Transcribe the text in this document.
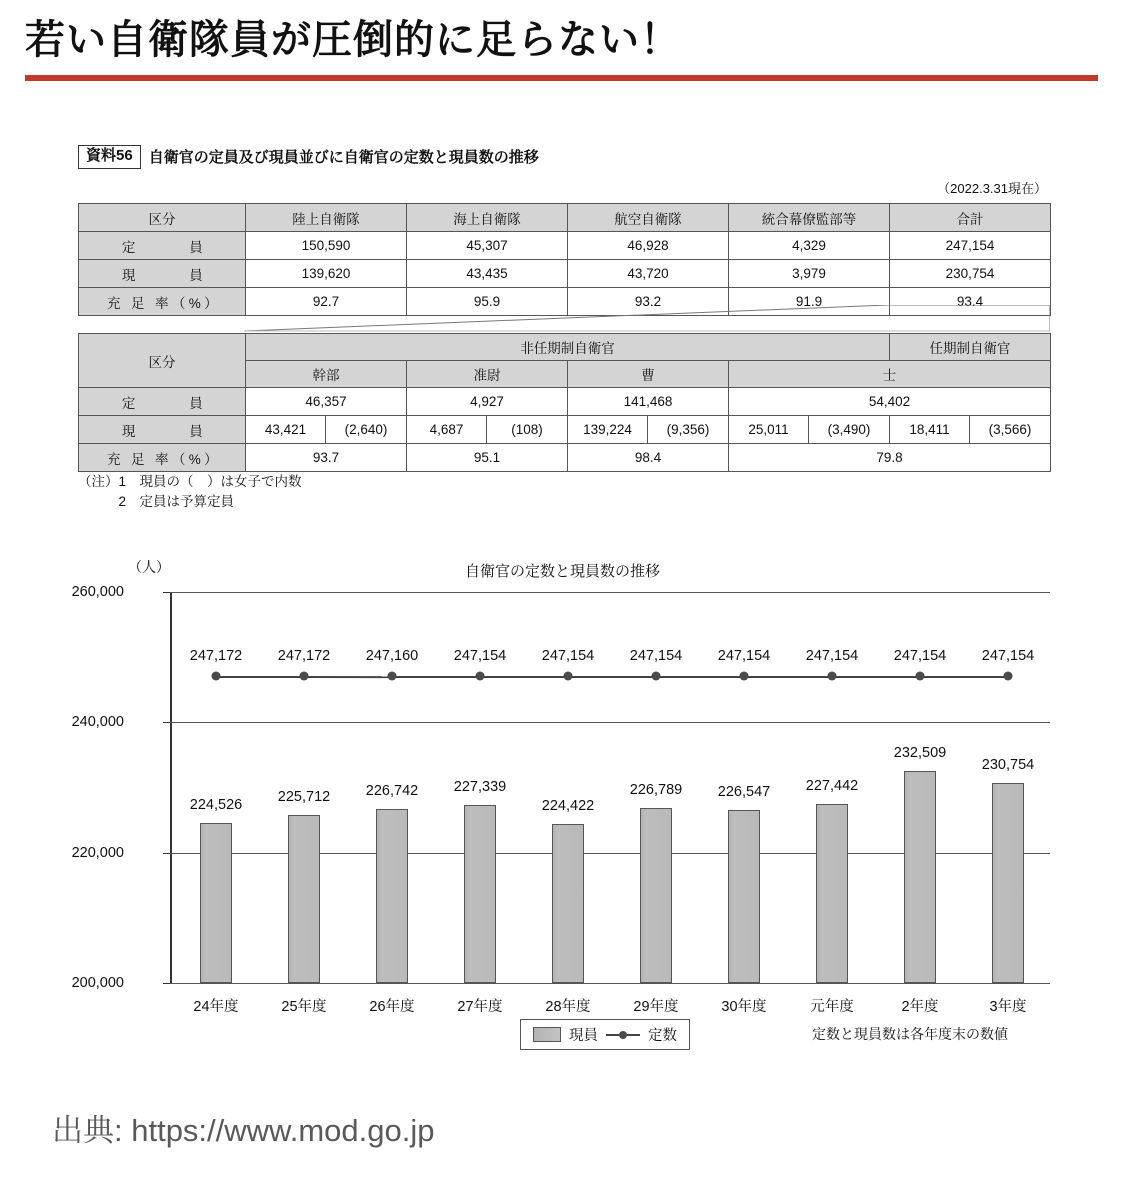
若い自衛隊員が圧倒的に足らない！
資料56	自衛官の定員及び現員並びに自衛官の定数と現員数の推移
（2022.3.31現在）
区分	陸上自衛隊	海上自衛隊	航空自衛隊	統合幕僚監部等	合計
定　　　員	150,590	45,307	46,928	4,329	247,154
現　　　員	139,620	43,435	43,720	3,979	230,754
充 足 率（%）	92.7	95.9	93.2	91.9	93.4
区分	非任期制自衛官								任期制自衛官	
	幹部		准尉		曹		士			
定　　　員	46,357		4,927		141,468		54,402			
現　　　員	43,421	(2,640)	4,687	(108)	139,224	(9,356)	25,011	(3,490)	18,411	(3,566)
充 足 率（%）	93.7		95.1		98.4		79.8			
（注）1　現員の（　）は女子で内数
　　　2　定員は予算定員
自衛官の定数と現員数の推移
（人）
200,000
220,000
240,000
260,000
224,526 225,712 226,742 227,339
224,422
226,789 226,547 227,442
232,509
230,754
247,172 247,172 247,160 247,154 247,154 247,154 247,154 247,154 247,154 247,154
24年度	25年度	26年度	27年度	28年度	29年度	30年度	元年度	2年度	3年度
現員	定数	定数と現員数は各年度末の数値
出典: https://www.mod.go.jp
